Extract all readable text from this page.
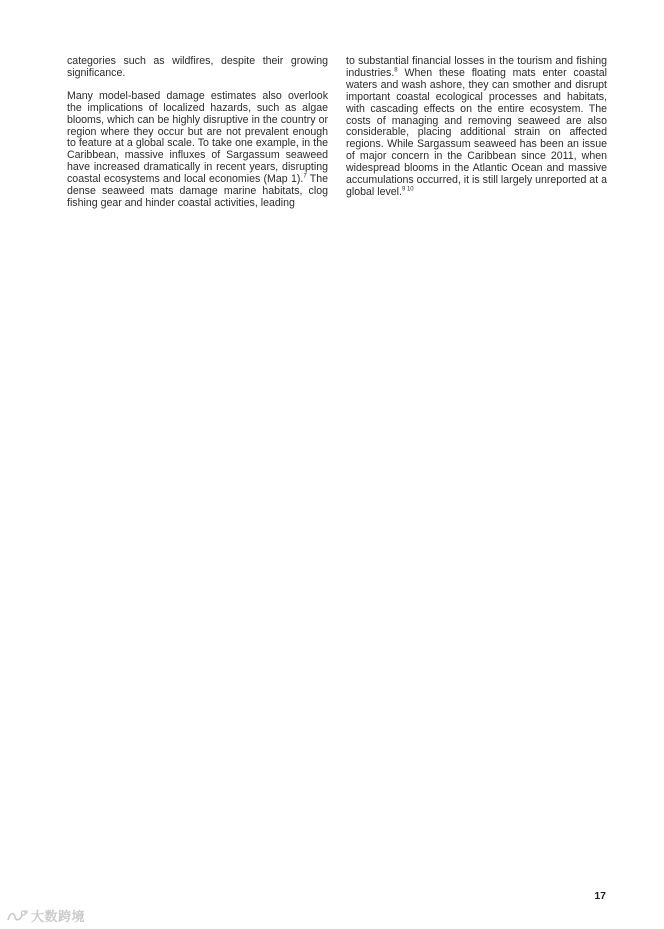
categories such as wildfires, despite their growing significance.

Many model-based damage estimates also overlook the implications of localized hazards, such as algae blooms, which can be highly disruptive in the country or region where they occur but are not prevalent enough to feature at a global scale. To take one example, in the Caribbean, massive influxes of Sargassum seaweed have increased dramatically in recent years, disrupting coastal ecosystems and local economies (Map 1).$^7$ The dense seaweed mats damage marine habitats, clog fishing gear and hinder coastal activities, leading

to substantial financial losses in the tourism and fishing industries.$^8$ When these floating mats enter coastal waters and wash ashore, they can smother and disrupt important coastal ecological processes and habitats, with cascading effects on the entire ecosystem. The costs of managing and removing seaweed are also considerable, placing additional strain on affected regions. While Sargassum seaweed has been an issue of major concern in the Caribbean since 2011, when widespread blooms in the Atlantic Ocean and massive accumulations occurred, it is still largely unreported at a global level.$^{9 10}$

17
大数跨境
